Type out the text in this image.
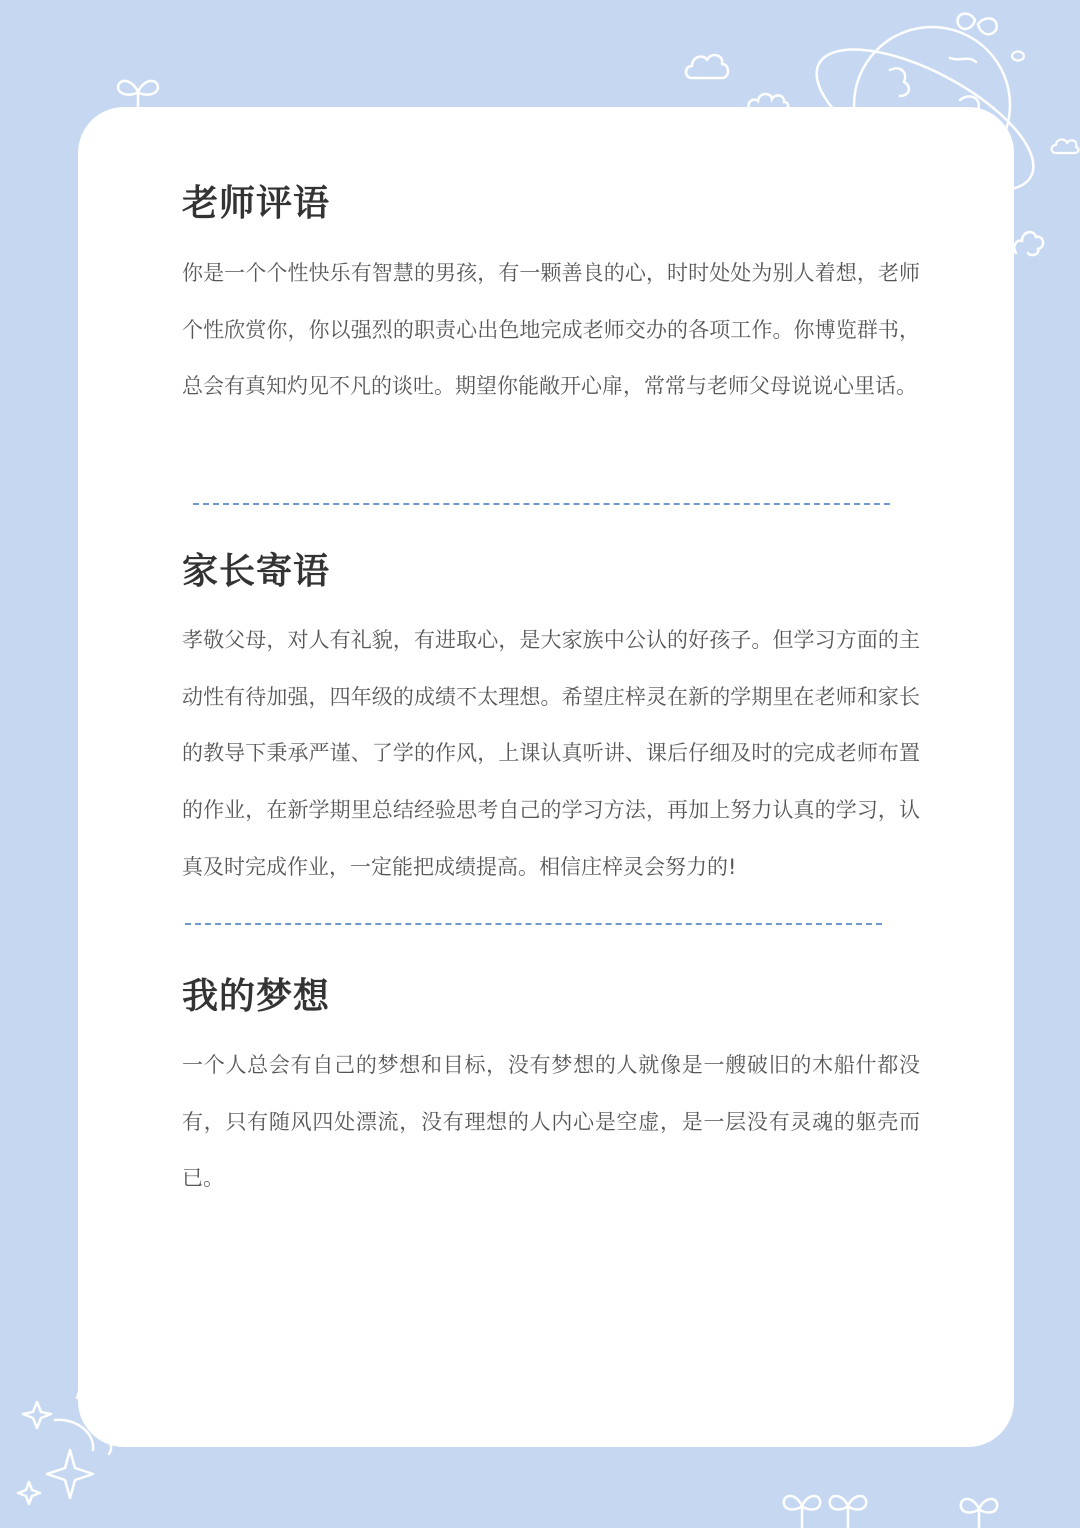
老师评语

你是一个个性快乐有智慧的男孩，有一颗善良的心，时时处处为别人着想，老师个性欣赏你，你以强烈的职责心出色地完成老师交办的各项工作。你博览群书，总会有真知灼见不凡的谈吐。期望你能敞开心扉，常常与老师父母说说心里话。

家长寄语

孝敬父母，对人有礼貌，有进取心，是大家族中公认的好孩子。但学习方面的主动性有待加强，四年级的成绩不太理想。希望庄梓灵在新的学期里在老师和家长的教导下秉承严谨、了学的作风，上课认真听讲、课后仔细及时的完成老师布置的作业，在新学期里总结经验思考自己的学习方法，再加上努力认真的学习，认真及时完成作业，一定能把成绩提高。相信庄梓灵会努力的!

我的梦想

一个人总会有自己的梦想和目标，没有梦想的人就像是一艘破旧的木船什都没有，只有随风四处漂流，没有理想的人内心是空虚，是一层没有灵魂的躯壳而已。
